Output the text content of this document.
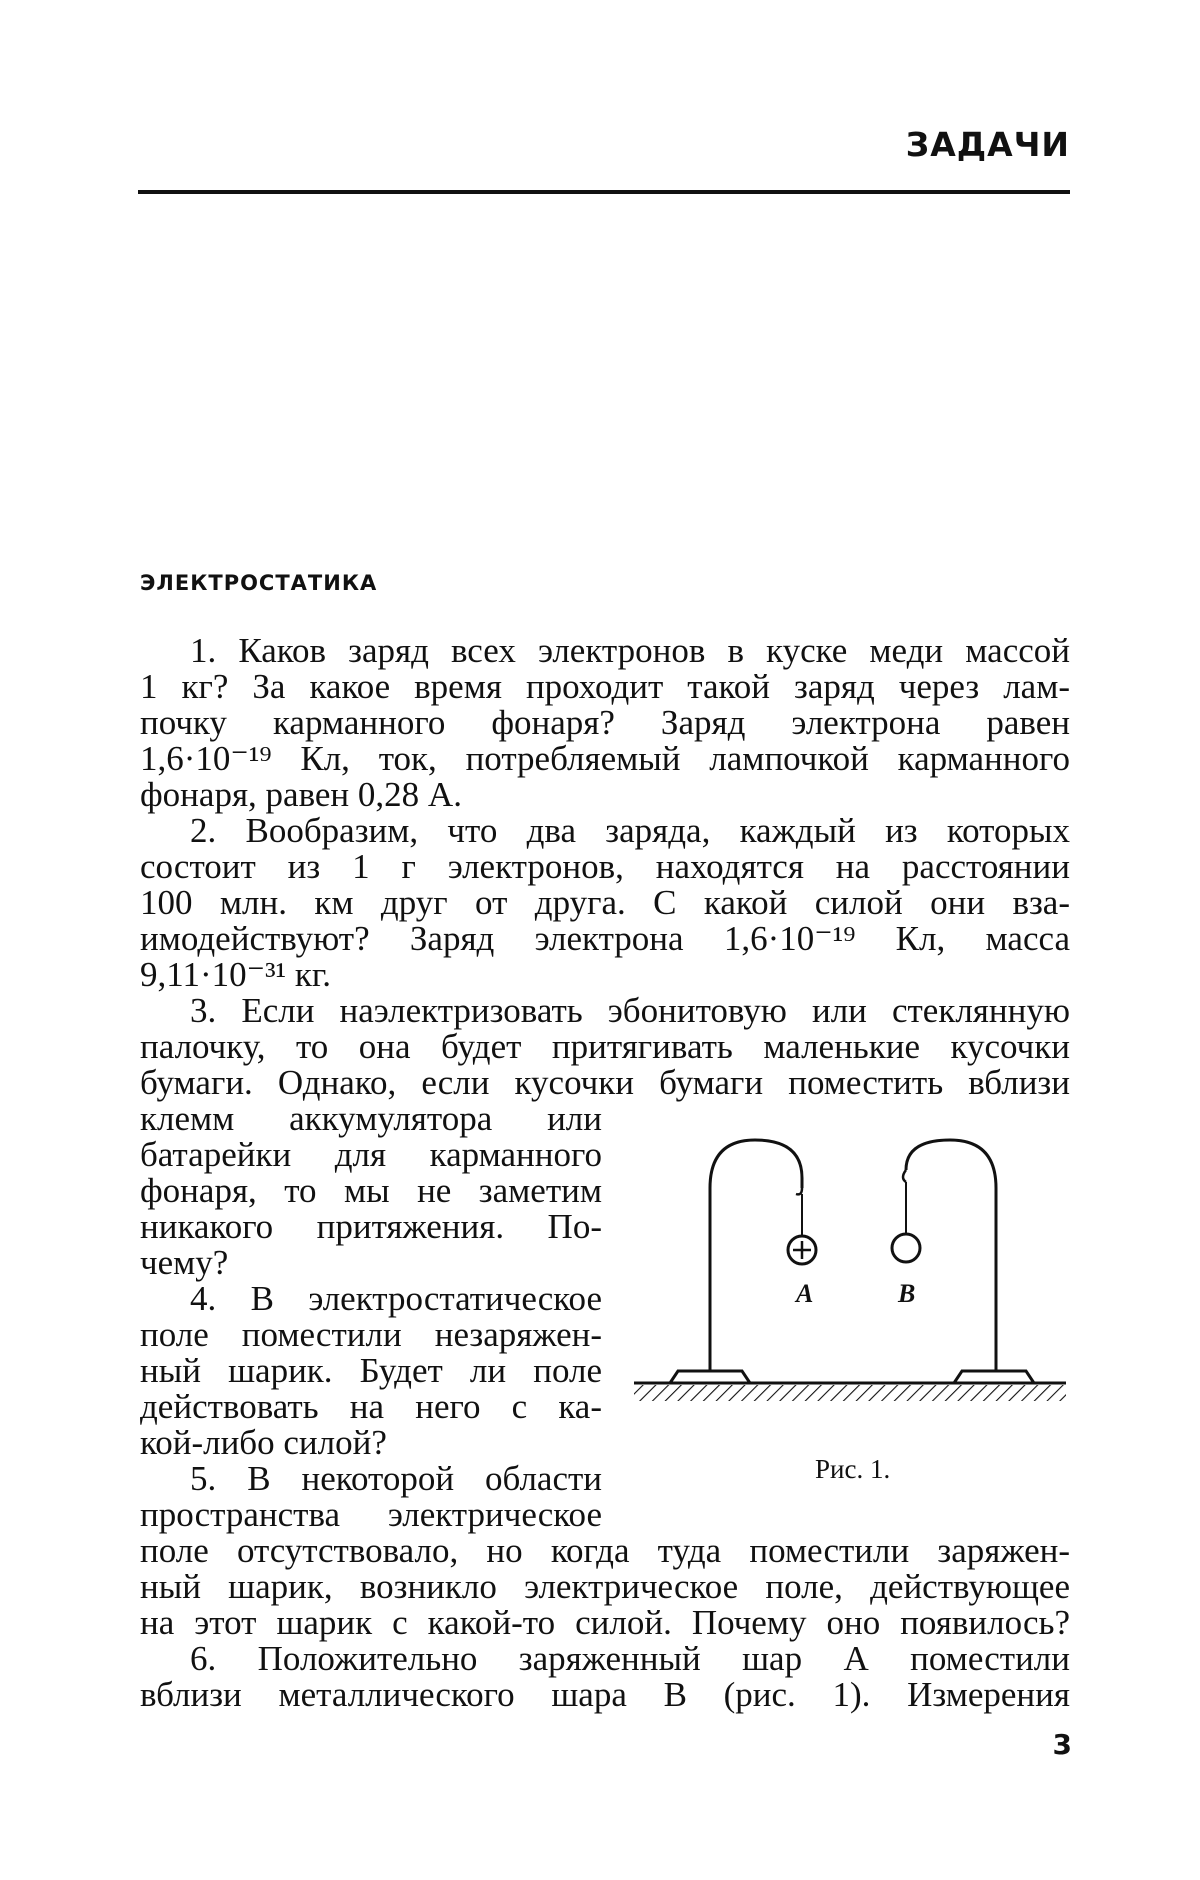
ЗАДАЧИ
ЭЛЕКТРОСТАТИКА
1. Каков заряд всех электронов в куске меди массой
1 кг? За какое время проходит такой заряд через лам-
почку карманного фонаря? Заряд электрона равен
1,6·10⁻¹⁹ Кл, ток, потребляемый лампочкой карманного
фонаря, равен 0,28 А.
2. Вообразим, что два заряда, каждый из которых
состоит из 1 г электронов, находятся на расстоянии
100 млн. км друг от друга. С какой силой они вза-
имодействуют? Заряд электрона 1,6·10⁻¹⁹ Кл, масса
9,11·10⁻³¹ кг.
3. Если наэлектризовать эбонитовую или стеклянную
палочку, то она будет притягивать маленькие кусочки
бумаги. Однако, если кусочки бумаги поместить вблизи
клемм аккумулятора или
батарейки для карманного
фонаря, то мы не заметим
никакого притяжения. По-
чему?
4. В электростатическое
поле поместили незаряжен-
ный шарик. Будет ли поле
действовать на него с ка-
кой-либо силой?
5. В некоторой области
пространства электрическое
поле отсутствовало, но когда туда поместили заряжен-
ный шарик, возникло электрическое поле, действующее
на этот шарик с какой-то силой. Почему оно появилось?
6. Положительно заряженный шар А поместили
вблизи металлического шара В (рис. 1). Измерения
А	В
Рис. 1.
3
